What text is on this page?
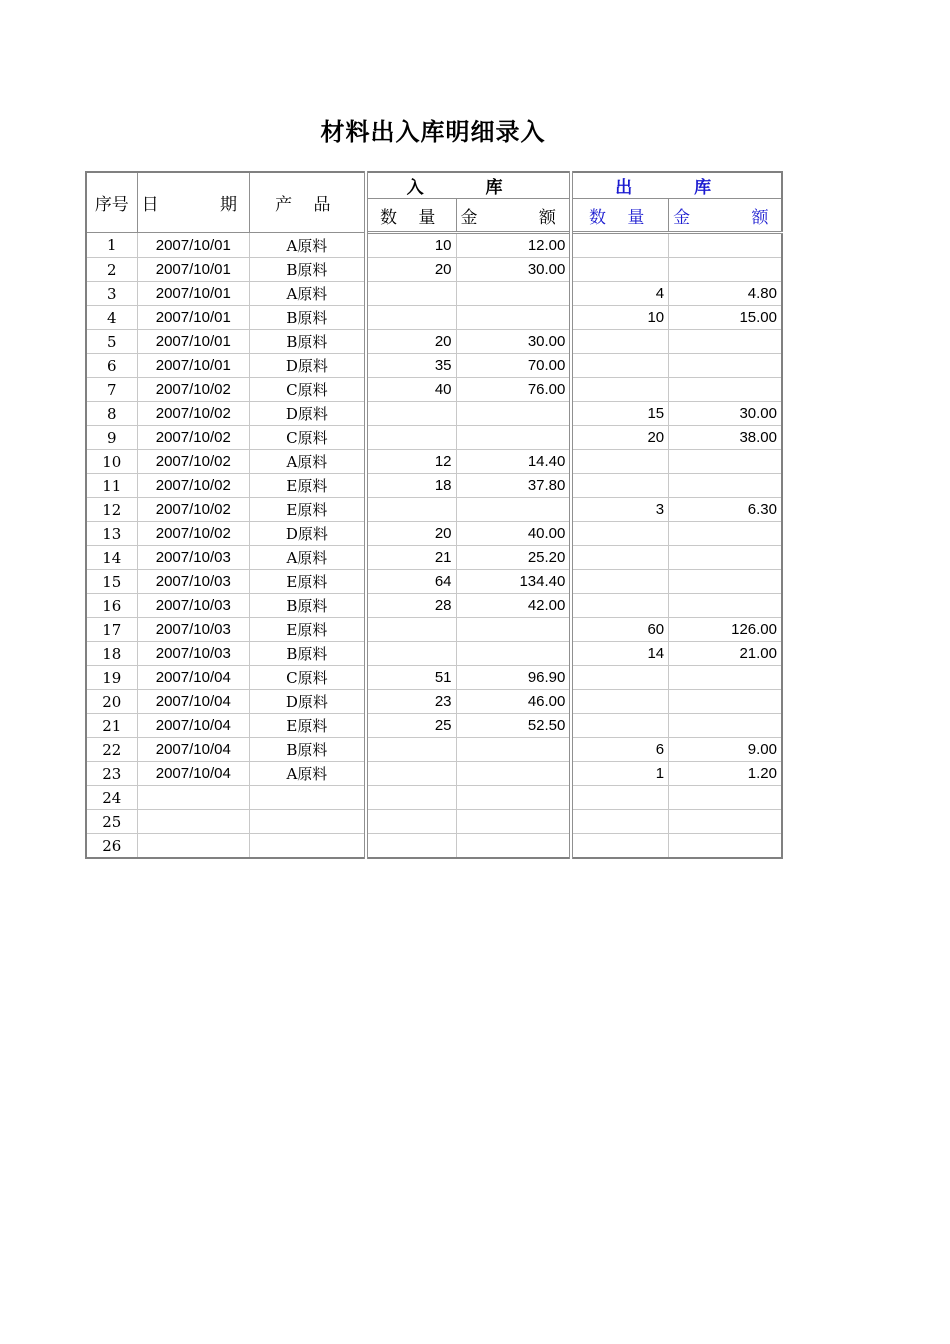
材料出入库明细录入
序号	日 期	产 品	入 库		出 库	
			数 量	金 额	数 量	金 额
1	2007/10/01	A原料	10	12.00		
2	2007/10/01	B原料	20	30.00		
3	2007/10/01	A原料			4	4.80
4	2007/10/01	B原料			10	15.00
5	2007/10/01	B原料	20	30.00		
6	2007/10/01	D原料	35	70.00		
7	2007/10/02	C原料	40	76.00		
8	2007/10/02	D原料			15	30.00
9	2007/10/02	C原料			20	38.00
10	2007/10/02	A原料	12	14.40		
11	2007/10/02	E原料	18	37.80		
12	2007/10/02	E原料			3	6.30
13	2007/10/02	D原料	20	40.00		
14	2007/10/03	A原料	21	25.20		
15	2007/10/03	E原料	64	134.40		
16	2007/10/03	B原料	28	42.00		
17	2007/10/03	E原料			60	126.00
18	2007/10/03	B原料			14	21.00
19	2007/10/04	C原料	51	96.90		
20	2007/10/04	D原料	23	46.00		
21	2007/10/04	E原料	25	52.50		
22	2007/10/04	B原料			6	9.00
23	2007/10/04	A原料			1	1.20
24						
25						
26						
